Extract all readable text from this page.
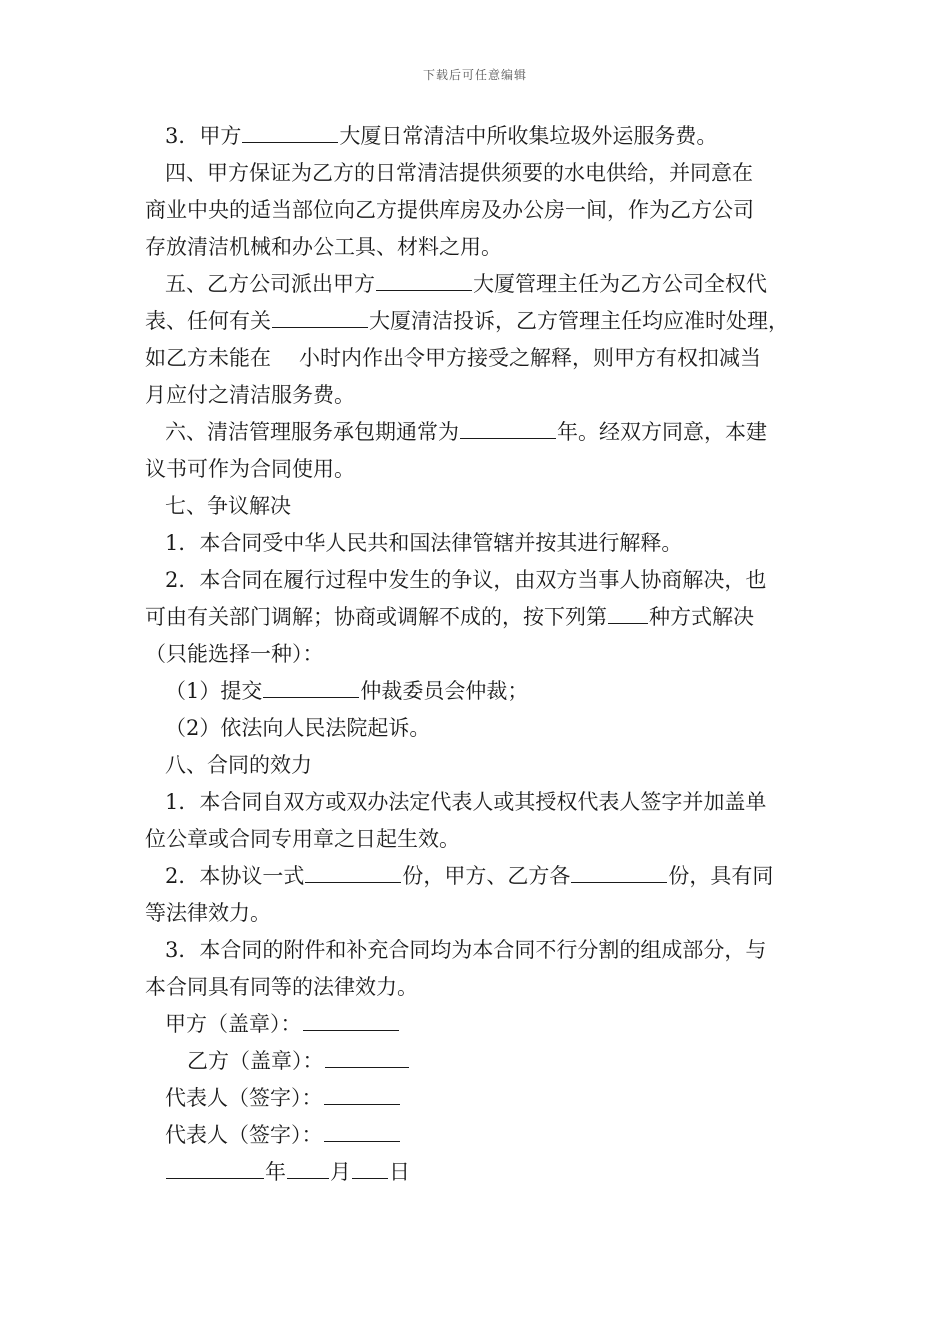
下载后可任意编辑
3．甲方	大厦日常清洁中所收集垃圾外运服务费。
四、甲方保证为乙方的日常清洁提供须要的水电供给，并同意在
商业中央的适当部位向乙方提供库房及办公房一间，作为乙方公司
存放清洁机械和办公工具、材料之用。
五、乙方公司派出甲方	大厦管理主任为乙方公司全权代
表、任何有关	大厦清洁投诉，乙方管理主任均应准时处理，
如乙方未能在 小时内作出令甲方接受之解释，则甲方有权扣减当
月应付之清洁服务费。
六、清洁管理服务承包期通常为	年。经双方同意，本建
议书可作为合同使用。
七、争议解决
1．本合同受中华人民共和国法律管辖并按其进行解释。
2．本合同在履行过程中发生的争议，由双方当事人协商解决，也
可由有关部门调解；协商或调解不成的，按下列第 种方式解决
（只能选择一种）：
（1）提交	仲裁委员会仲裁；
（2）依法向人民法院起诉。
八、合同的效力
1．本合同自双方或双办法定代表人或其授权代表人签字并加盖单
位公章或合同专用章之日起生效。
2．本协议一式	份，甲方、乙方各	份，具有同
等法律效力。
3．本合同的附件和补充合同均为本合同不行分割的组成部分，与
本合同具有同等的法律效力。
甲方（盖章）：
乙方（盖章）：
代表人（签字）：
代表人（签字）：
年 月 日
